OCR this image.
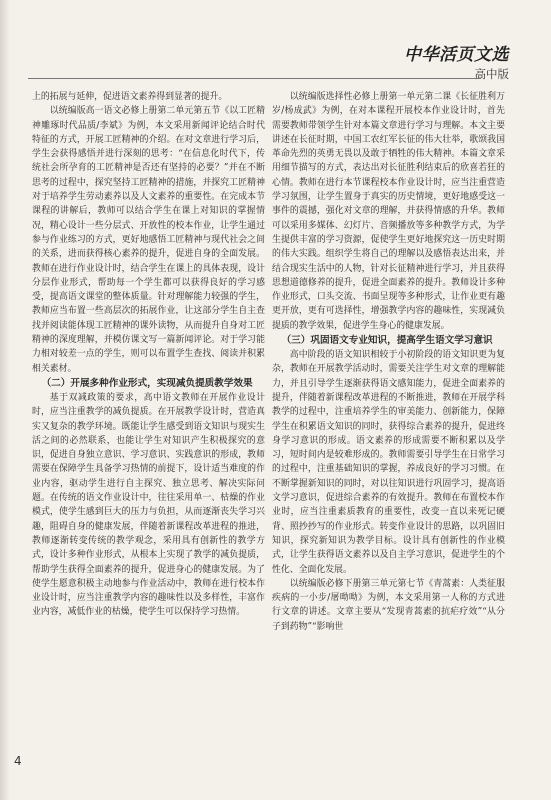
中华活页文选
高中版

上的拓展与延伸，促进语文素养得到显著的提升。

以统编版高一语文必修上册第二单元第五节《以工匠精神雕琢时代品质/李斌》为例，本文采用新闻评论结合时代特征的方式，开展工匠精神的介绍。在对文章进行学习后，学生会获得感悟并进行深刻的思考：“在信息化时代下，传统社会所孕育的工匠精神是否还有坚持的必要？”并在不断思考的过程中，探究坚持工匠精神的措施，并探究工匠精神对于培养学生劳动素养以及人文素养的重要性。在完成本节课程的讲解后，教师可以结合学生在课上对知识的掌握情况，精心设计一些分层式、开放性的校本作业，让学生通过参与作业练习的方式，更好地感悟工匠精神与现代社会之间的关系，进而获得核心素养的提升，促进自身的全面发展。教师在进行作业设计时，结合学生在课上的具体表现，设计分层作业形式，帮助每一个学生都可以获得良好的学习感受，提高语文课堂的整体质量。针对理解能力较强的学生，教师应当布置一些高层次的拓展作业，让这部分学生自主查找并阅读能体现工匠精神的课外读物，从而提升自身对工匠精神的深度理解，并模仿课文写一篇新闻评论。对于学习能力相对较差一点的学生，则可以布置学生查找、阅读并积累相关素材。

（二）开展多种作业形式，实现减负提质教学效果

基于双减政策的要求，高中语文教师在开展作业设计时，应当注重教学的减负提质。在开展教学设计时，营造真实又复杂的教学环境。既能让学生感受到语文知识与现实生活之间的必然联系，也能让学生对知识产生积极探究的意识，促进自身独立意识、学习意识、实践意识的形成，教师需要在保障学生具备学习热情的前提下，设计适当难度的作业内容，驱动学生进行自主探究、独立思考、解决实际问题。在传统的语文作业设计中，往往采用单一、枯燥的作业模式，使学生感到巨大的压力与负担，从而逐渐丧失学习兴趣，阻碍自身的健康发展，伴随着新课程改革进程的推进，教师逐渐转变传统的教学观念，采用具有创新性的教学方式，设计多种作业形式，从根本上实现了教学的减负提质，帮助学生获得全面素养的提升，促进身心的健康发展。为了使学生愿意积极主动地参与作业活动中，教师在进行校本作业设计时，应当注重教学内容的趣味性以及多样性，丰富作业内容，减低作业的枯燥，使学生可以保持学习热情。

以统编版选择性必修上册第一单元第二课《长征胜利万岁/杨成武》为例，在对本课程开展校本作业设计时，首先需要教师带领学生针对本篇文章进行学习与理解。本文主要讲述在长征时期，中国工农红军长征的伟大壮举，歌颂我国革命先烈的英勇无畏以及敢于牺牲的伟大精神。本篇文章采用细节描写的方式，表达出对长征胜利结束后的欣喜若狂的心情。教师在进行本节课程校本作业设计时，应当注重营造学习氛围，让学生置身于真实的历史情境，更好地感受这一事件的震撼，强化对文章的理解，并获得情感的升华。教师可以采用多媒体、幻灯片、音频播放等多种教学方式，为学生提供丰富的学习资源，促使学生更好地探究这一历史时期的伟大实践。组织学生将自己的理解以及感悟表达出来，并结合现实生活中的人物，针对长征精神进行学习，并且获得思想道德修养的提升，促进全面素养的提升。教师设计多种作业形式，口头交流、书面呈现等多种形式，让作业更有趣更开放，更有可选择性，增强教学内容的趣味性，实现减负提质的教学效果，促进学生身心的健康发展。

（三）巩固语文专业知识，提高学生语文学习意识

高中阶段的语文知识相较于小初阶段的语文知识更为复杂，教师在开展教学活动时，需要关注学生对文章的理解能力，并且引导学生逐渐获得语文感知能力，促进全面素养的提升，伴随着新课程改革进程的不断推进，教师在开展学科教学的过程中，注重培养学生的审美能力、创新能力，保障学生在积累语文知识的同时，获得综合素养的提升，促进终身学习意识的形成。语文素养的形成需要不断积累以及学习，短时间内是较难形成的。教师需要引导学生在日常学习的过程中，注重基础知识的掌握，养成良好的学习习惯。在不断掌握新知识的同时，对以往知识进行巩固学习，提高语文学习意识，促进综合素养的有效提升。教师在布置校本作业时，应当注重素质教育的重要性，改变一直以来死记硬背、照抄抄写的作业形式。转变作业设计的思路，以巩固旧知识，探究新知识为教学目标。设计具有创新性的作业模式，让学生获得语文素养以及自主学习意识，促进学生的个性化、全面化发展。

以统编版必修下册第三单元第七节《青蒿素：人类征服疾病的一小步/屠呦呦》为例，本文采用第一人称的方式进行文章的讲述。文章主要从“发现青蒿素的抗疟疗效”“从分子到药物”“影响世

4
